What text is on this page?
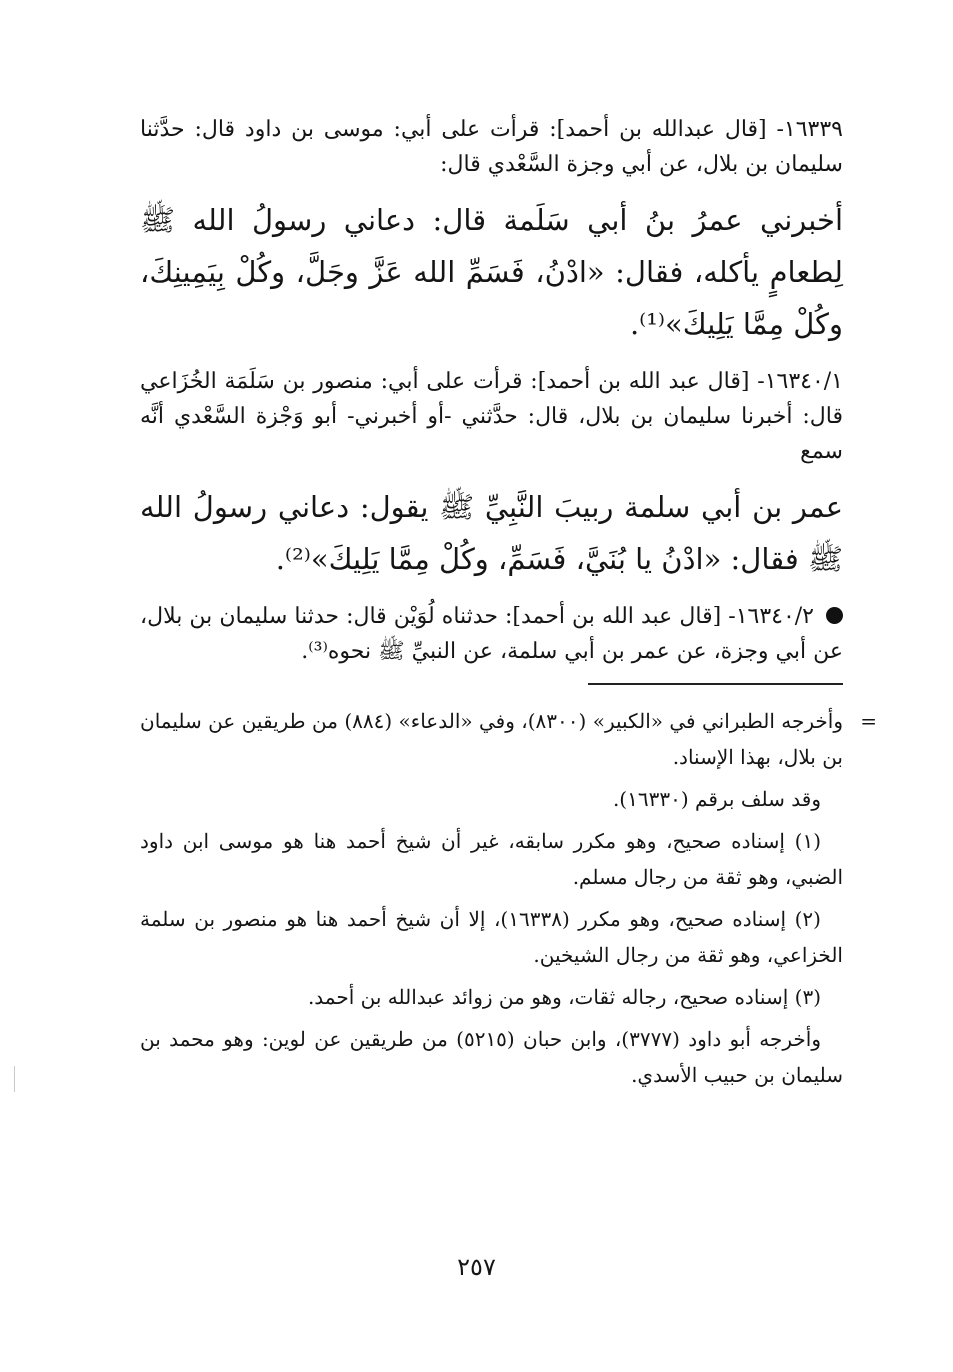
١٦٣٣٩- [قال عبدالله بن أحمد]: قرأت على أبي: موسى بن داود قال: حدَّثنا سليمان بن بلال، عن أبي وجزة السَّعْدي قال:

أخبرني عمرُ بنُ أبي سَلَمة قال: دعاني رسولُ الله ﷺ لِطعامٍ يأكله، فقال: «ادْنُ، فَسَمِّ الله عَزَّ وجَلَّ، وكُلْ بِيَمِينِكَ، وكُلْ مِمَّا يَلِيكَ»⁽¹⁾.

١٦٣٤٠/١- [قال عبد الله بن أحمد]: قرأت على أبي: منصور بن سَلَمَة الخُزَاعي قال: أخبرنا سليمان بن بلال، قال: حدَّثني -أو أخبرني- أبو وَجْزة السَّعْدي أنَّه سمع

عمر بن أبي سلمة ربيبَ النَّبِيِّ ﷺ يقول: دعاني رسولُ الله ﷺ فقال: «ادْنُ يا بُنَيَّ، فَسَمِّ، وكُلْ مِمَّا يَلِيكَ»⁽²⁾.

١٦٣٤٠/٢- [قال عبد الله بن أحمد]: حدثناه لُوَيْن قال: حدثنا سليمان بن بلال، عن أبي وجزة، عن عمر بن أبي سلمة، عن النبيِّ ﷺ نحوه⁽³⁾.

=
وأخرجه الطبراني في «الكبير» (٨٣٠٠)، وفي «الدعاء» (٨٨٤) من طريقين عن سليمان بن بلال، بهذا الإسناد.

وقد سلف برقم (١٦٣٣٠).

(١) إسناده صحيح، وهو مكرر سابقه، غير أن شيخ أحمد هنا هو موسى ابن داود الضبي، وهو ثقة من رجال مسلم.

(٢) إسناده صحيح، وهو مكرر (١٦٣٣٨)، إلا أن شيخ أحمد هنا هو منصور بن سلمة الخزاعي، وهو ثقة من رجال الشيخين.

(٣) إسناده صحيح، رجاله ثقات، وهو من زوائد عبدالله بن أحمد.

وأخرجه أبو داود (٣٧٧٧)، وابن حبان (٥٢١٥) من طريقين عن لوين: وهو محمد بن سليمان بن حبيب الأسدي.

٢٥٧
